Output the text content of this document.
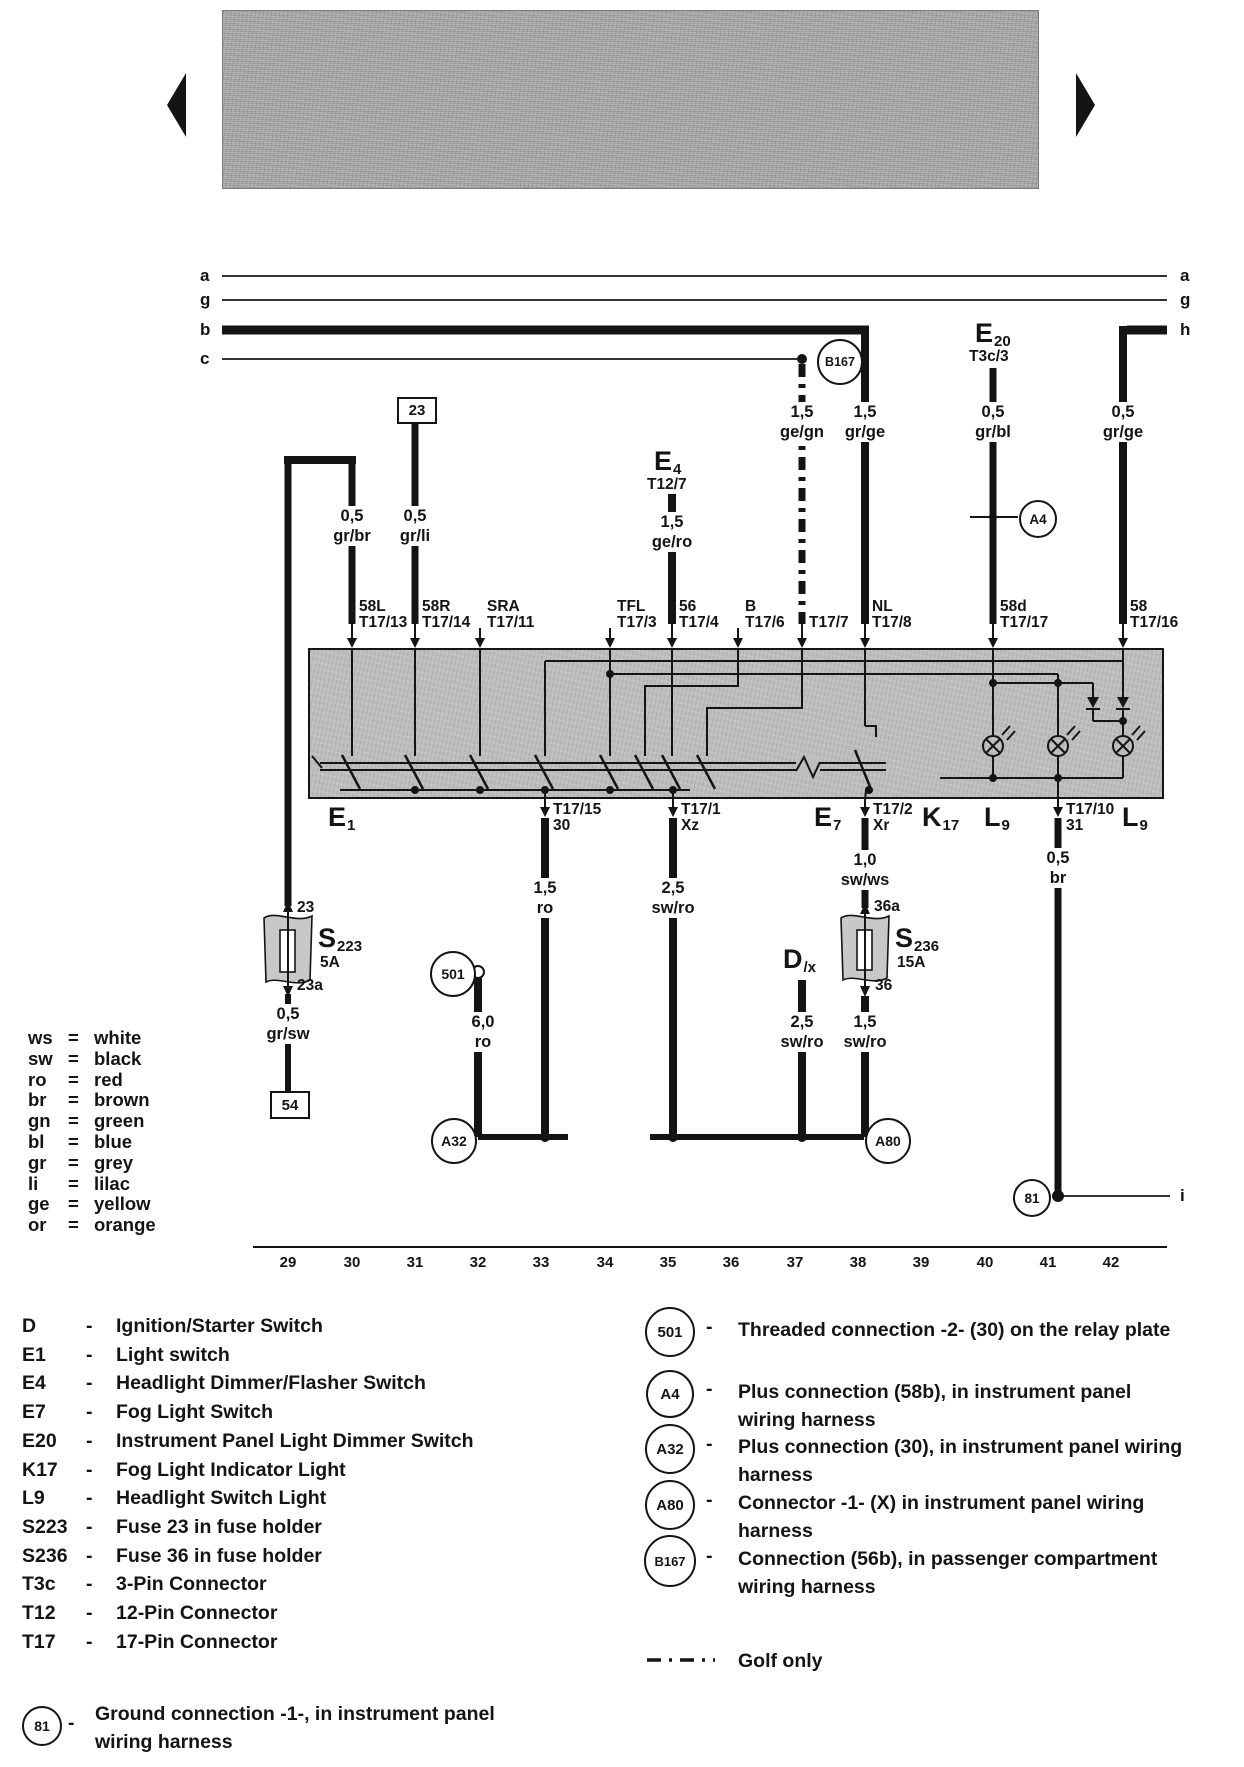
a
g
b
c
a
g
h
i
B167
E20
T3c/3
A4
E4
T12/7
23
54
0,5
gr/br
0,5
gr/li
1,5
ge/ro
1,5
ge/gn
1,5
gr/ge
0,5
gr/bl
0,5
gr/ge
1,5
ro
2,5
sw/ro
1,0
sw/ws
0,5
br
0,5
gr/sw
6,0
ro
2,5
sw/ro
1,5
sw/ro
58L
T17/13
58R
T17/14
SRA
T17/11
TFL
T17/3
56
T17/4
B
T17/6 T17/7
NL
T17/8
58d
T17/17
58
T17/16
E1
T17/15
30
T17/1
Xz	E7
T17/2
Xr	K17 L9
T17/10
31	L9
D/x
23
S223
5A
23a
36a
S236
15A
36
501
A32	A80
81
29	30	31	32	33	34	35	36	37	38	39	40	41	42
ws = white
sw = black
ro	= red
br	= brown
gn = green
bl	= blue
gr	= grey
li	= lilac
ge = yellow
or	= orange
D	-	Ignition/Starter Switch
E1	-	Light switch
E4	-	Headlight Dimmer/Flasher Switch
E7	-	Fog Light Switch
E20	-	Instrument Panel Light Dimmer Switch
K17	-	Fog Light Indicator Light
L9	-	Headlight Switch Light
S223 -	Fuse 23 in fuse holder
S236 -	Fuse 36 in fuse holder
T3c	-	3-Pin Connector
T12	-	12-Pin Connector
T17	-	17-Pin Connector
501	- Threaded connection -2- (30) on the relay plate
A4	- Plus connection (58b), in instrument panel
wiring harness
A32	- Plus connection (30), in instrument panel wiring
harness
A80	- Connector -1- (X) in instrument panel wiring
harness
B167	- Connection (56b), in passenger compartment
wiring harness
Golf only
81 - Ground connection -1-, in instrument panel
wiring harness
